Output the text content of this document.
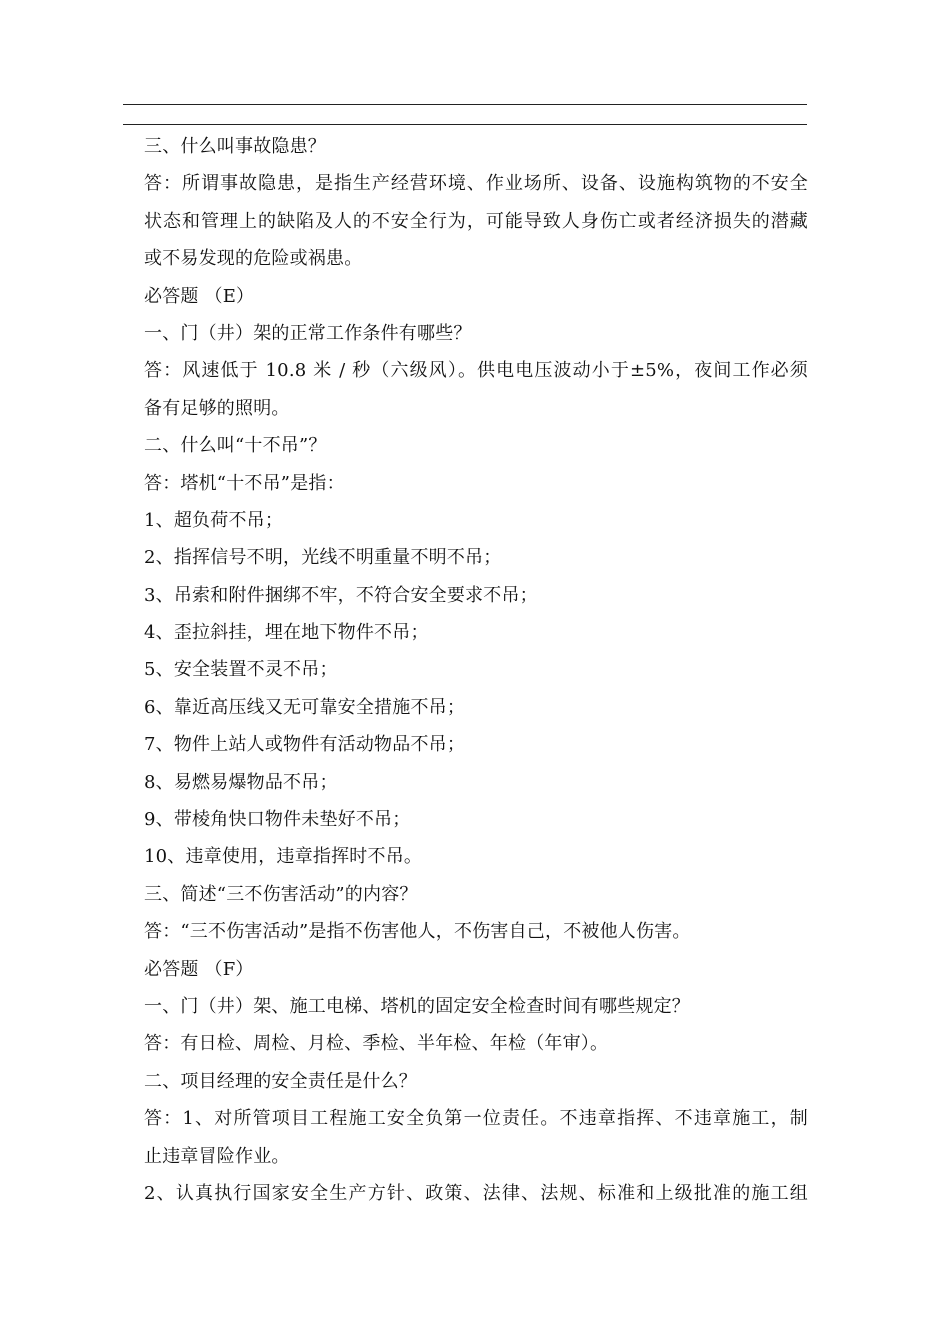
三、什么叫事故隐患？
答：所谓事故隐患，是指生产经营环境、作业场所、设备、设施构筑物的不安全
状态和管理上的缺陷及人的不安全行为，可能导致人身伤亡或者经济损失的潜藏
或不易发现的危险或祸患。
必答题 （E）
一、门（井）架的正常工作条件有哪些？
答：风速低于 10.8 米 / 秒（六级风）。供电电压波动小于±5%，夜间工作必须
备有足够的照明。
二、什么叫“十不吊”？
答：塔机“十不吊”是指：
1、超负荷不吊；
2、指挥信号不明，光线不明重量不明不吊；
3、吊索和附件捆绑不牢，不符合安全要求不吊；
4、歪拉斜挂，埋在地下物件不吊；
5、安全装置不灵不吊；
6、靠近高压线又无可靠安全措施不吊；
7、物件上站人或物件有活动物品不吊；
8、易燃易爆物品不吊；
9、带棱角快口物件未垫好不吊；
10、违章使用，违章指挥时不吊。
三、简述“三不伤害活动”的内容？
答：“三不伤害活动”是指不伤害他人，不伤害自己，不被他人伤害。
必答题 （F）
一、门（井）架、施工电梯、塔机的固定安全检查时间有哪些规定？
答：有日检、周检、月检、季检、半年检、年检（年审）。
二、项目经理的安全责任是什么？
答：1、对所管项目工程施工安全负第一位责任。不违章指挥、不违章施工，制
止违章冒险作业。
2、认真执行国家安全生产方针、政策、法律、法规、标准和上级批准的施工组
